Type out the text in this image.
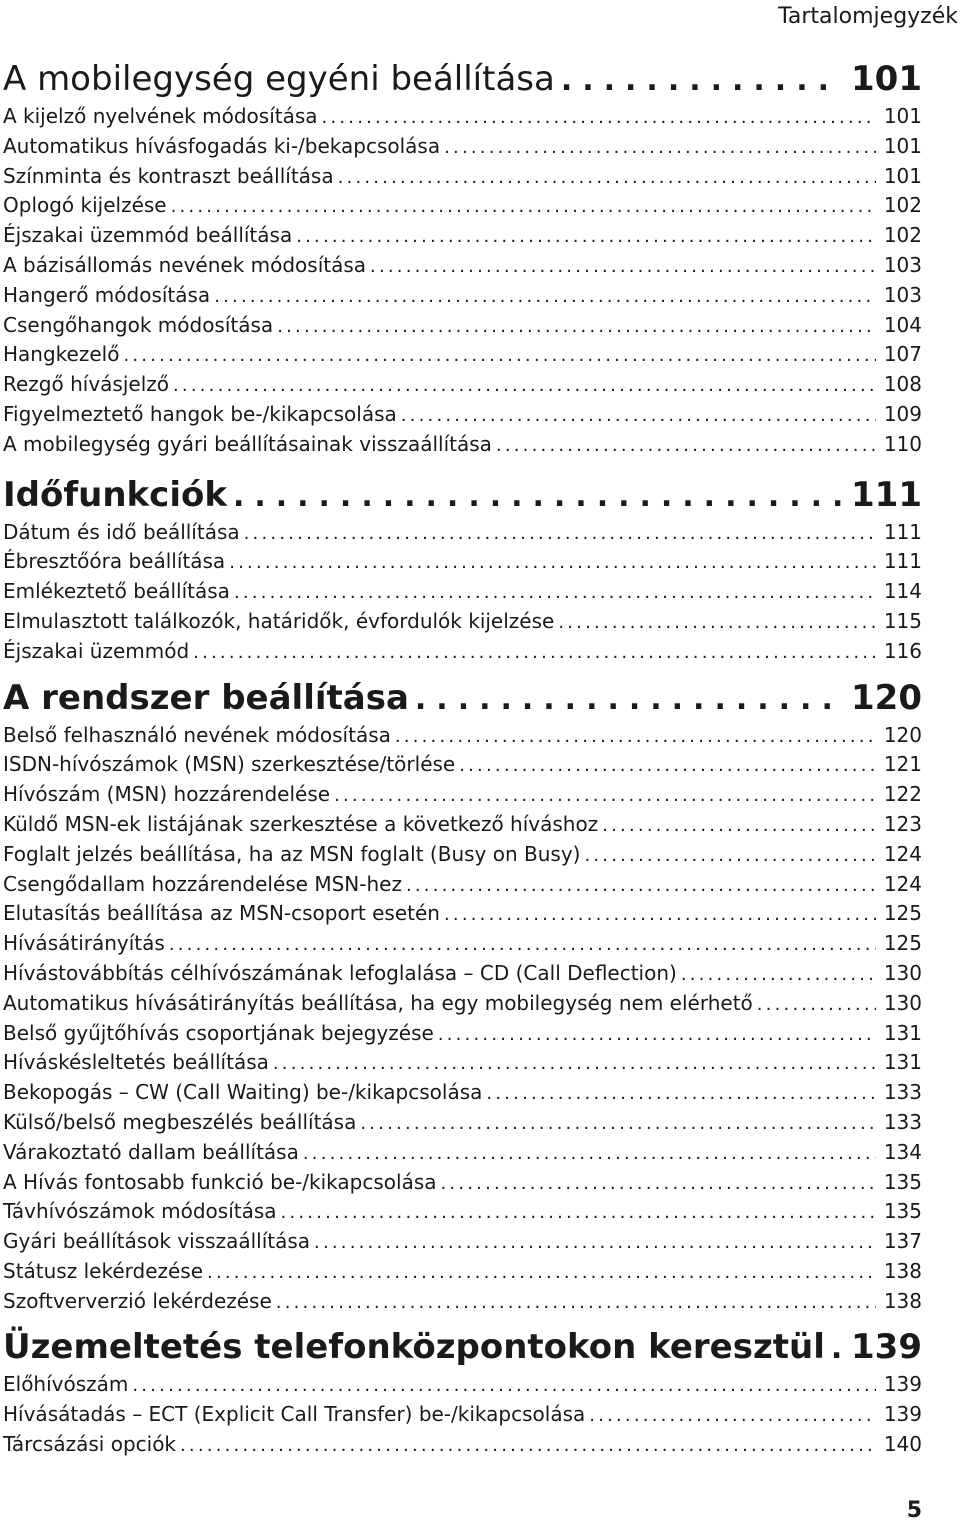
Tartalomjegyzék
A mobilegység egyéni beállítása .....	101
A kijelző nyelvének módosítása .....	101
Automatikus hívásfogadás ki-/bekapcsolása .....	101
Színminta és kontraszt beállítása .....	101
Oplogó kijelzése .....	102
Éjszakai üzemmód beállítása .....	102
A bázisállomás nevének módosítása .....	103
Hangerő módosítása .....	103
Csengőhangok módosítása .....	104
Hangkezelő .....	107
Rezgő hívásjelző .....	108
Figyelmeztető hangok be-/kikapcsolása .....	109
A mobilegység gyári beállításainak visszaállítása .....	110
Időfunkciók .....	111
Dátum és idő beállítása .....	111
Ébresztőóra beállítása .....	111
Emlékeztető beállítása .....	114
Elmulasztott találkozók, határidők, évfordulók kijelzése .....	115
Éjszakai üzemmód .....	116
A rendszer beállítása .....	120
Belső felhasználó nevének módosítása .....	120
ISDN-hívószámok (MSN) szerkesztése/törlése .....	121
Hívószám (MSN) hozzárendelése .....	122
Küldő MSN-ek listájának szerkesztése a következő híváshoz .....	123
Foglalt jelzés beállítása, ha az MSN foglalt (Busy on Busy) .....	124
Csengődallam hozzárendelése MSN-hez .....	124
Elutasítás beállítása az MSN-csoport esetén .....	125
Hívásátirányítás .....	125
Hívástovábbítás célhívószámának lefoglalása – CD (Call Deflection) .....	130
Automatikus hívásátirányítás beállítása, ha egy mobilegység nem elérhető .....	130
Belső gyűjtőhívás csoportjának bejegyzése .....	131
Híváskésleltetés beállítása .....	131
Bekopogás – CW (Call Waiting) be-/kikapcsolása .....	133
Külső/belső megbeszélés beállítása .....	133
Várakoztató dallam beállítása .....	134
A Hívás fontosabb funkció be-/kikapcsolása .....	135
Távhívószámok módosítása .....	135
Gyári beállítások visszaállítása .....	137
Státusz lekérdezése .....	138
Szoftververzió lekérdezése .....	138
Üzemeltetés telefonközpontokon keresztül ..... 139
Előhívószám .....	139
Hívásátadás – ECT (Explicit Call Transfer) be-/kikapcsolása .....	139
Tárcsázási opciók .....	140
5
